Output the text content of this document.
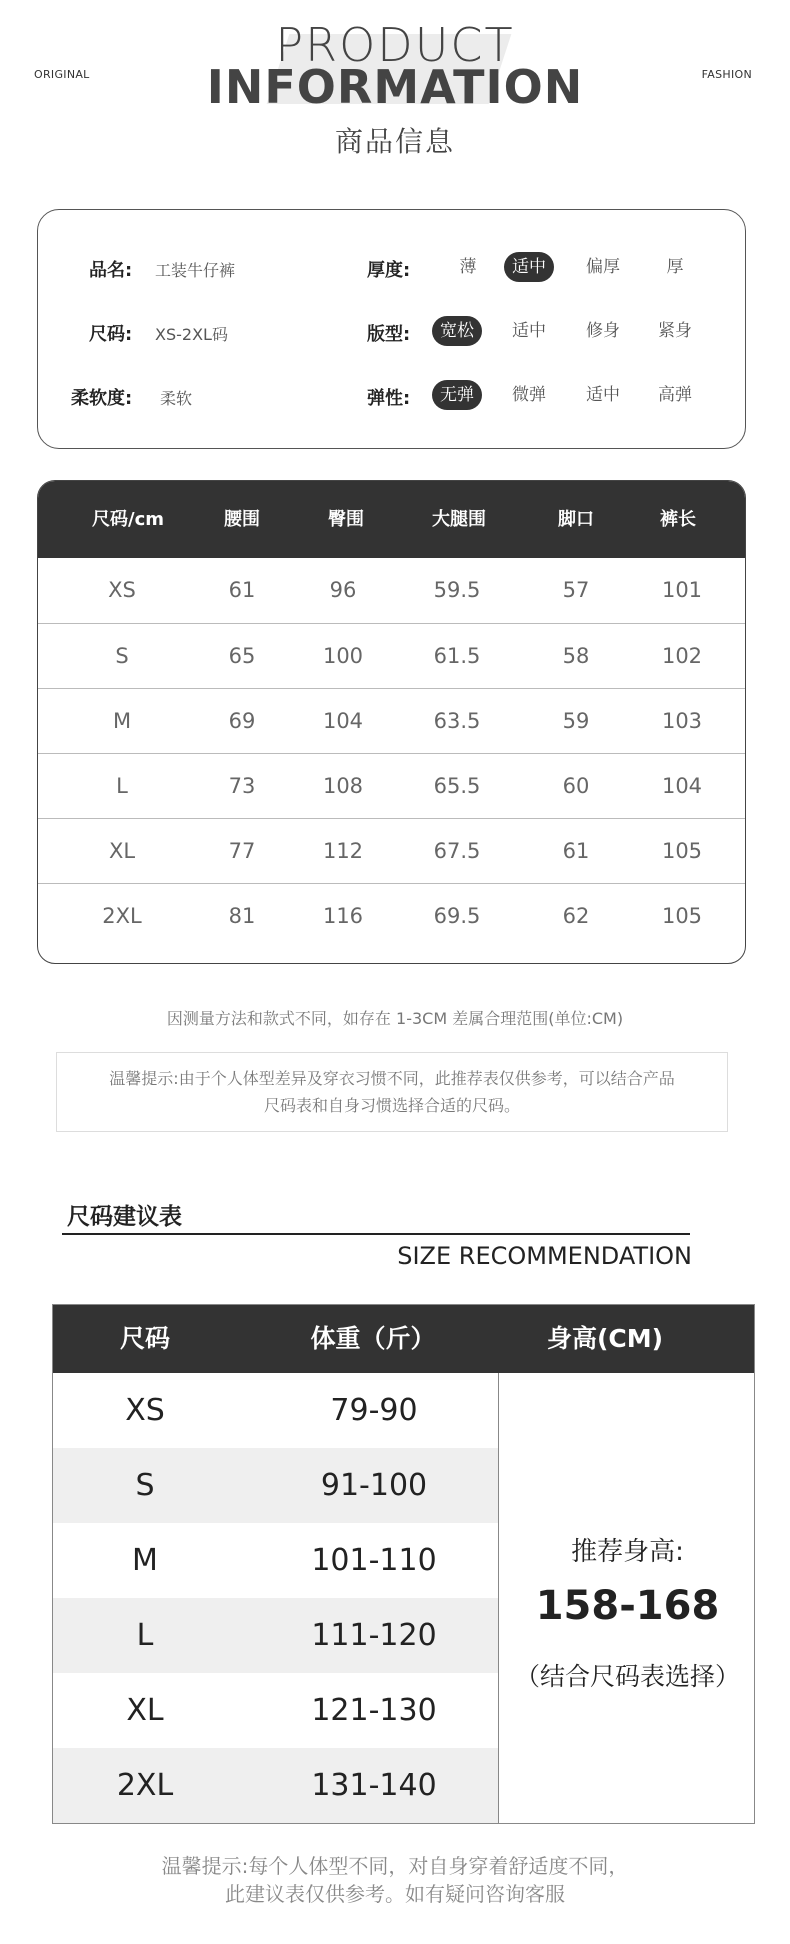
ORIGINAL	FASHION
PRODUCT
INFORMATION
商品信息
品名: 工装牛仔裤
尺码: XS-2XL码
柔软度: 柔软
厚度:	薄	适中	偏厚	厚
版型:	宽松	适中	修身	紧身
弹性:	无弹	微弹	适中	高弹
尺码/cm	腰围	臀围	大腿围	脚口	裤长
XS	61	96	59.5	57	101
S	65	100	61.5	58	102
M	69	104	63.5	59	103
L	73	108	65.5	60	104
XL	77	112	67.5	61	105
2XL	81	116	69.5	62	105
因测量方法和款式不同，如存在 1-3CM 差属合理范围(单位:CM)
温馨提示:由于个人体型差异及穿衣习惯不同，此推荐表仅供参考，可以结合产品
尺码表和自身习惯选择合适的尺码。
尺码建议表
SIZE RECOMMENDATION
尺码	体重（斤）	身高(CM)
XS	79-90
S	91-100
M	101-110
L	111-120
XL	121-130
2XL	131-140
推荐身高:
158-168
（结合尺码表选择）
温馨提示:每个人体型不同，对自身穿着舒适度不同，
此建议表仅供参考。如有疑问咨询客服
